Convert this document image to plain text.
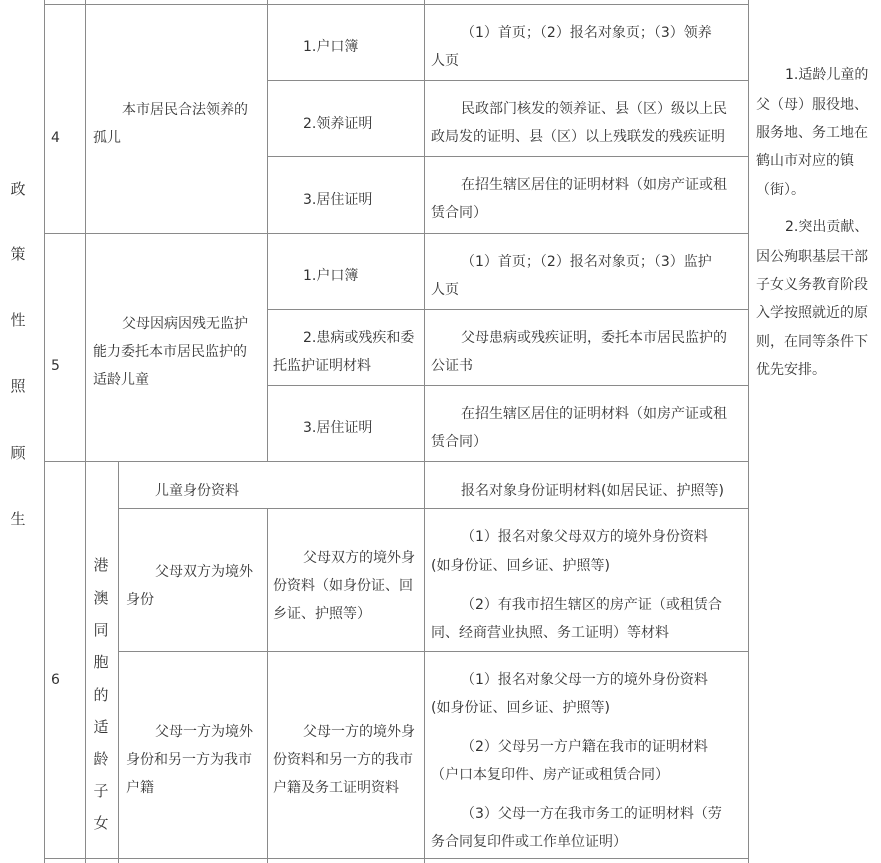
政
策
性
照
顾
生
1.适龄儿童的
父（母）服役地、
服务地、务工地在
鹤山市对应的镇
（街）。
2.突出贡献、
因公殉职基层干部
子女义务教育阶段
入学按照就近的原
则，在同等条件下
优先安排。
4
本市居民合法领养的
孤儿
1.户口簿
（1）首页；（2）报名对象页；（3）领养
人页
2.领养证明
民政部门核发的领养证、县（区）级以上民
政局发的证明、县（区）以上残联发的残疾证明
3.居住证明
在招生辖区居住的证明材料（如房产证或租
赁合同）
5
父母因病因残无监护
能力委托本市居民监护的
适龄儿童
1.户口簿
（1）首页；（2）报名对象页；（3）监护
人页
2.患病或残疾和委
托监护证明材料
父母患病或残疾证明，委托本市居民监护的
公证书
3.居住证明
在招生辖区居住的证明材料（如房产证或租
赁合同）
6
港
澳
同
胞
的
适
龄
子
女
儿童身份资料	报名对象身份证明材料(如居民证、护照等)
父母双方为境外
身份
父母双方的境外身
份资料（如身份证、回
乡证、护照等）
（1）报名对象父母双方的境外身份资料
(如身份证、回乡证、护照等)
（2）有我市招生辖区的房产证（或租赁合
同、经商营业执照、务工证明）等材料
父母一方为境外
身份和另一方为我市
户籍
父母一方的境外身
份资料和另一方的我市
户籍及务工证明资料
（1）报名对象父母一方的境外身份资料
(如身份证、回乡证、护照等)
（2）父母另一方户籍在我市的证明材料
（户口本复印件、房产证或租赁合同）
（3）父母一方在我市务工的证明材料（劳
务合同复印件或工作单位证明）
